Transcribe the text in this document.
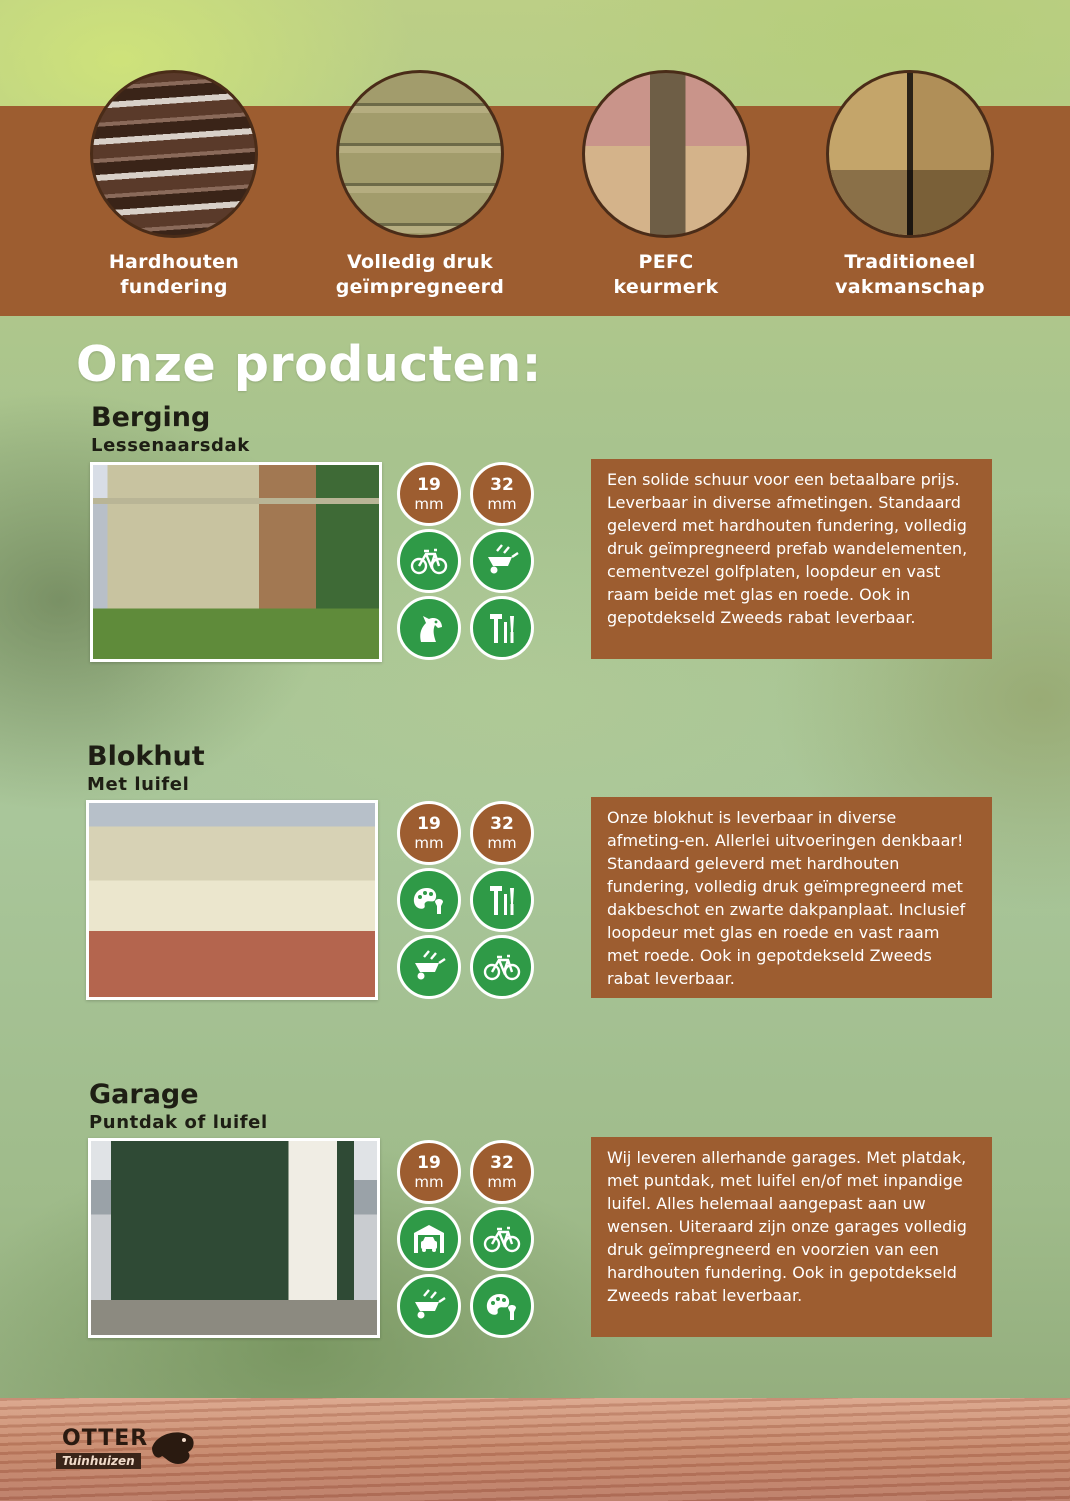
Hardhouten
fundering
Volledig druk
geïmpregneerd
PEFC
keurmerk
Traditioneel
vakmanschap
Onze producten:
Berging
Lessenaarsdak
19
mm
32
mm
Een solide schuur voor een betaalbare prijs. Leverbaar in diverse afmetingen. Standaard geleverd met hardhouten fundering, volledig druk geïmpregneerd prefab wandelementen, cementvezel golfplaten, loopdeur en vast raam beide met glas en roede. Ook in gepotdekseld Zweeds rabat leverbaar.
Blokhut
Met luifel
19
mm
32
mm
Onze blokhut is leverbaar in diverse afmeting-en. Allerlei uitvoeringen denkbaar! Standaard geleverd met hardhouten fundering, volledig druk geïmpregneerd met dakbeschot en zwarte dakpanplaat. Inclusief loopdeur met glas en roede en vast raam met roede. Ook in gepotdekseld Zweeds rabat leverbaar.
Garage
Puntdak of luifel
19
mm
32
mm
Wij leveren allerhande garages. Met platdak, met puntdak, met luifel en/of met inpandige luifel. Alles helemaal aangepast aan uw wensen. Uiteraard zijn onze garages volledig druk geïmpregneerd en voorzien van een hardhouten fundering. Ook in gepotdekseld Zweeds rabat leverbaar.
OTTER
Tuinhuizen
